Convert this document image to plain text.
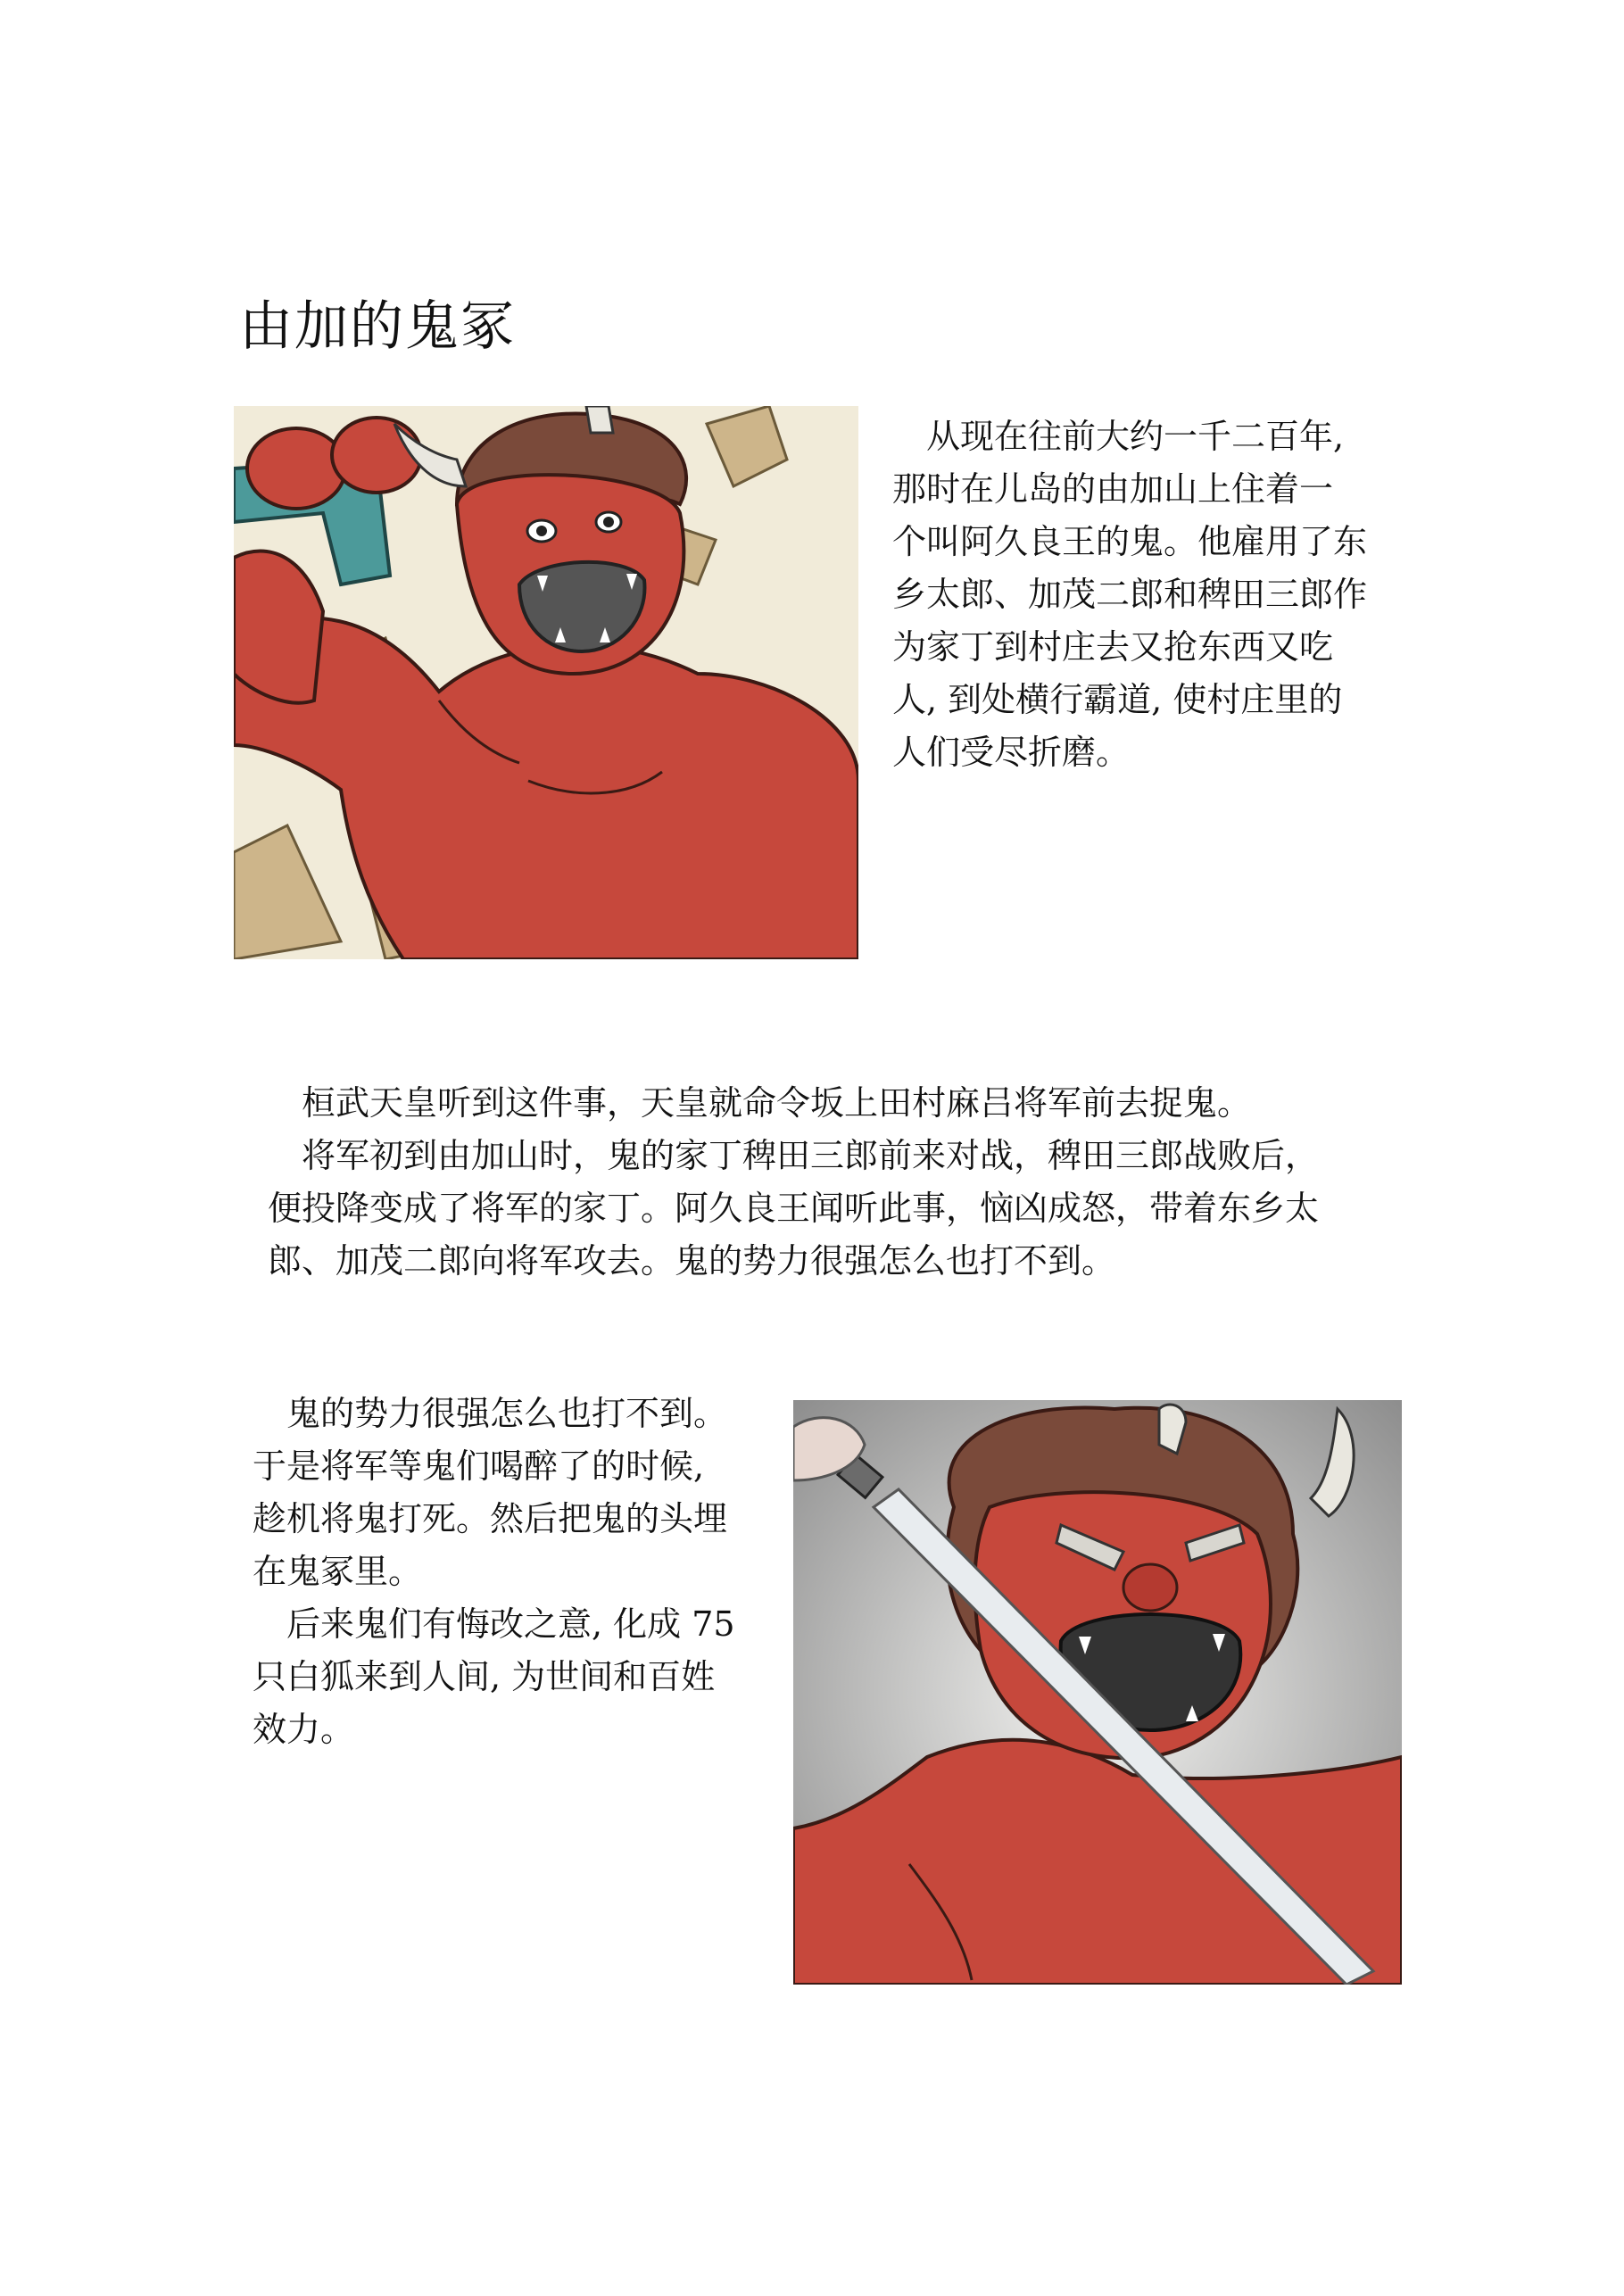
由加的鬼冢

　从现在往前大约一千二百年,
那时在儿岛的由加山上住着一
个叫阿久良王的鬼。他雇用了东
乡太郎、加茂二郎和稗田三郎作
为家丁到村庄去又抢东西又吃
人, 到处横行霸道, 使村庄里的
人们受尽折磨。

　桓武天皇听到这件事，天皇就命令坂上田村麻吕将军前去捉鬼。
　将军初到由加山时，鬼的家丁稗田三郎前来对战，稗田三郎战败后，
便投降变成了将军的家丁。阿久良王闻听此事，恼凶成怒，带着东乡太
郎、加茂二郎向将军攻去。鬼的势力很强怎么也打不到。

　鬼的势力很强怎么也打不到。
于是将军等鬼们喝醉了的时候,
趁机将鬼打死。然后把鬼的头埋
在鬼冢里。
　后来鬼们有悔改之意, 化成 75
只白狐来到人间, 为世间和百姓
效力。
